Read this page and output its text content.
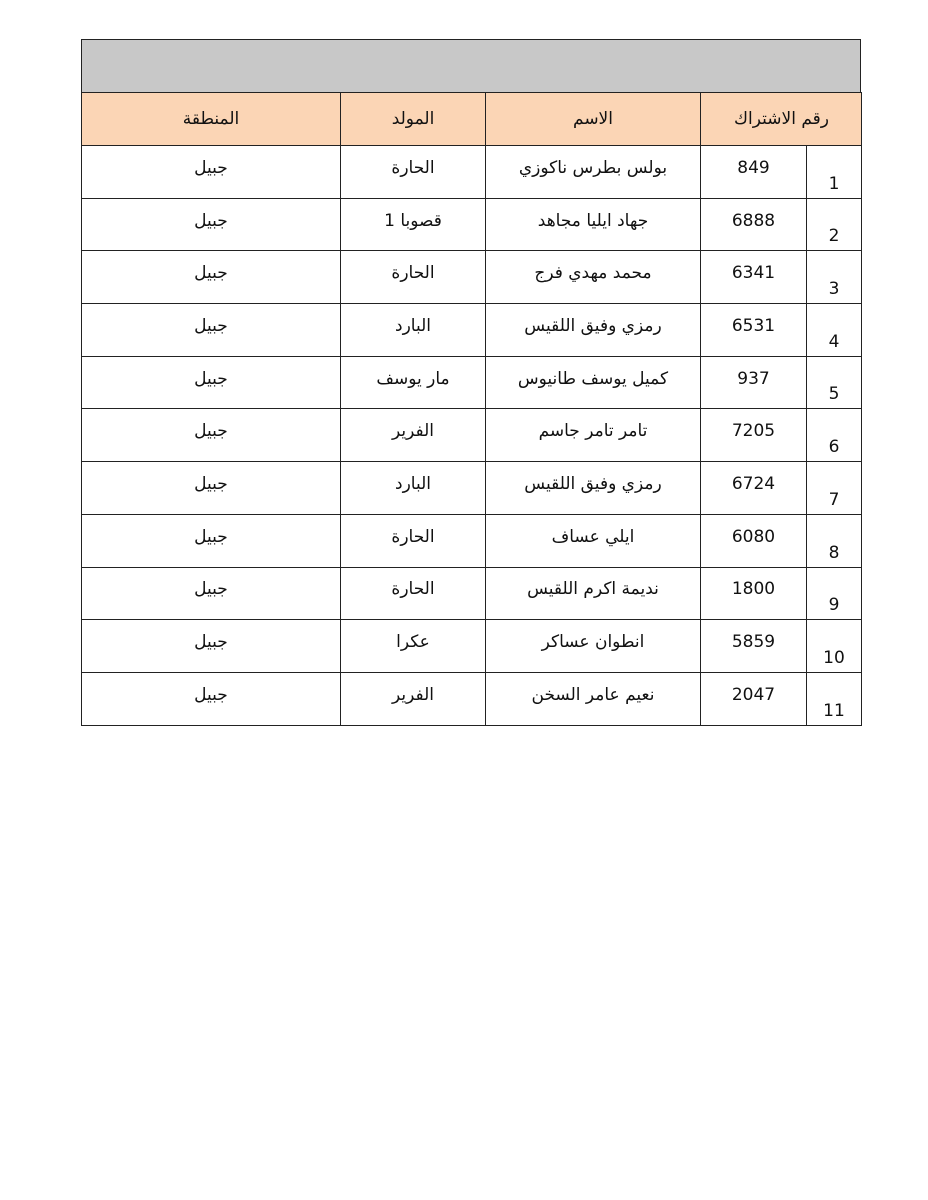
المنطقة	المولد	الاسم	رقم الاشتراك	
جبيل	الحارة	بولس بطرس ناكوزي	849	1
جبيل	قصوبا 1	جهاد ايليا مجاهد	6888	2
جبيل	الحارة	محمد مهدي فرج	6341	3
جبيل	البارد	رمزي وفيق اللقيس	6531	4
جبيل	مار يوسف	كميل يوسف طانيوس	937	5
جبيل	الفرير	تامر تامر جاسم	7205	6
جبيل	البارد	رمزي وفيق اللقيس	6724	7
جبيل	الحارة	ايلي عساف	6080	8
جبيل	الحارة	نديمة اكرم اللقيس	1800	9
جبيل	عكرا	انطوان عساكر	5859	10
جبيل	الفرير	نعيم عامر السخن	2047	11
